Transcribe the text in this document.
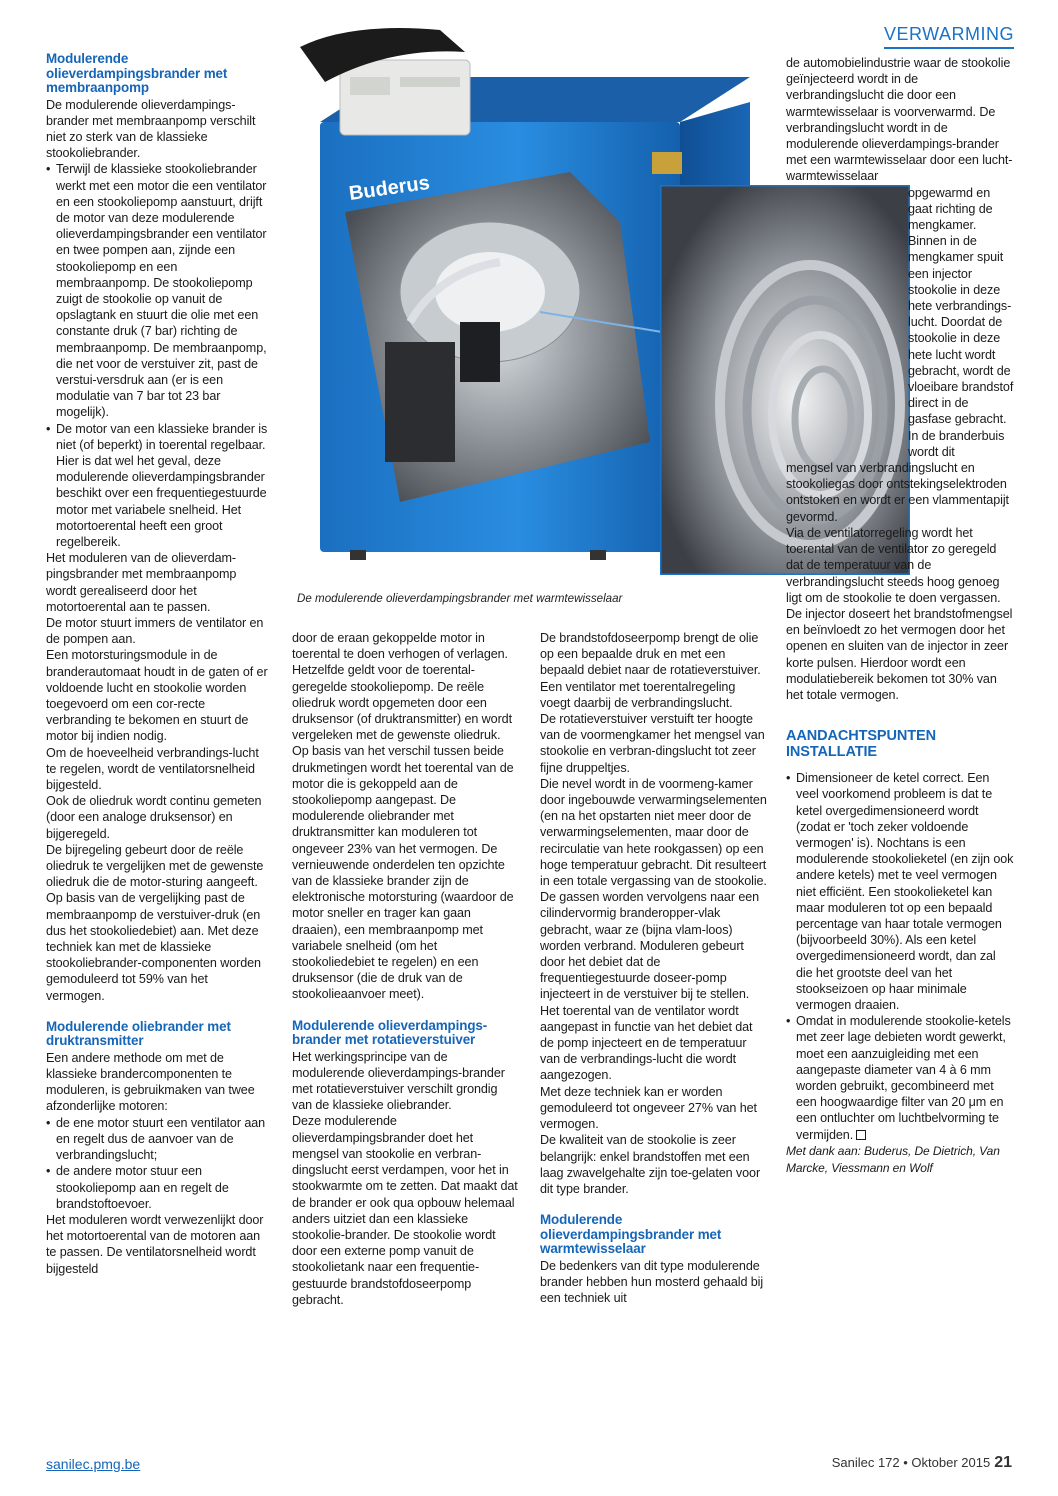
VERWARMING
Buderus
De modulerende olieverdampingsbrander met warmtewisselaar
Modulerende olieverdampingsbrander met membraanpomp

De modulerende olieverdampings-brander met membraanpomp verschilt niet zo sterk van de klassieke stookoliebrander.

• Terwijl de klassieke stookoliebrander werkt met een motor die een ventilator en een stookoliepomp aanstuurt, drijft de motor van deze modulerende olieverdampingsbrander een ventilator en twee pompen aan, zijnde een stookoliepomp en een membraanpomp. De stookoliepomp zuigt de stookolie op vanuit de opslagtank en stuurt die olie met een constante druk (7 bar) richting de membraanpomp. De membraanpomp, die net voor de verstuiver zit, past de verstui-versdruk aan (er is een modulatie van 7 bar tot 23 bar mogelijk).
• De motor van een klassieke brander is niet (of beperkt) in toerental regelbaar. Hier is dat wel het geval, deze modulerende olieverdampingsbrander beschikt over een frequentiegestuurde motor met variabele snelheid. Het motortoerental heeft een groot regelbereik.

Het moduleren van de olieverdam-pingsbrander met membraanpomp wordt gerealiseerd door het motortoerental aan te passen.

De motor stuurt immers de ventilator en de pompen aan.

Een motorsturingsmodule in de branderautomaat houdt in de gaten of er voldoende lucht en stookolie worden toegevoerd om een cor-recte verbranding te bekomen en stuurt de motor bij indien nodig.

Om de hoeveelheid verbrandings-lucht te regelen, wordt de ventilatorsnelheid bijgesteld.

Ook de oliedruk wordt continu gemeten (door een analoge druksensor) en bijgeregeld.

De bijregeling gebeurt door de reële oliedruk te vergelijken met de gewenste oliedruk die de motor-sturing aangeeft.

Op basis van de vergelijking past de membraanpomp de verstuiver-druk (en dus het stookoliedebiet) aan. Met deze techniek kan met de klassieke stookoliebrander-componenten worden gemoduleerd tot 59% van het vermogen.

Modulerende oliebrander met druktransmitter

Een andere methode om met de klassieke brandercomponenten te moduleren, is gebruikmaken van twee afzonderlijke motoren:

• de ene motor stuurt een ventilator aan en regelt dus de aanvoer van de verbrandingslucht;
• de andere motor stuur een stookoliepomp aan en regelt de brandstoftoevoer.

Het moduleren wordt verwezenlijkt door het motortoerental van de motoren aan te passen. De ventilatorsnelheid wordt bijgesteld

door de eraan gekoppelde motor in toerental te doen verhogen of verlagen.

Hetzelfde geldt voor de toerental-geregelde stookoliepomp. De reële oliedruk wordt opgemeten door een druksensor (of druktransmitter) en wordt vergeleken met de gewenste oliedruk. Op basis van het verschil tussen beide drukmetingen wordt het toerental van de motor die is gekoppeld aan de stookoliepomp aangepast. De modulerende oliebrander met druktransmitter kan moduleren tot ongeveer 23% van het vermogen. De vernieuwende onderdelen ten opzichte van de klassieke brander zijn de elektronische motorsturing (waardoor de motor sneller en trager kan gaan draaien), een membraanpomp met variabele snelheid (om het stookoliedebiet te regelen) en een druksensor (die de druk van de stookolieaanvoer meet).

Modulerende olieverdampings-brander met rotatieverstuiver

Het werkingsprincipe van de modulerende olieverdampings-brander met rotatieverstuiver verschilt grondig van de klassieke oliebrander.

Deze modulerende olieverdampingsbrander doet het mengsel van stookolie en verbran-dingslucht eerst verdampen, voor het in stookwarmte om te zetten. Dat maakt dat de brander er ook qua opbouw helemaal anders uitziet dan een klassieke stookolie-brander. De stookolie wordt door een externe pomp vanuit de stookolietank naar een frequentie-gestuurde brandstofdoseerpomp gebracht.

De brandstofdoseerpomp brengt de olie op een bepaalde druk en met een bepaald debiet naar de rotatieverstuiver. Een ventilator met toerentalregeling voegt daarbij de verbrandingslucht.

De rotatieverstuiver verstuift ter hoogte van de voormengkamer het mengsel van stookolie en verbran-dingslucht tot zeer fijne druppeltjes.

Die nevel wordt in de voormeng-kamer door ingebouwde verwarmingselementen (en na het opstarten niet meer door de verwarmingselementen, maar door de recirculatie van hete rookgassen) op een hoge temperatuur gebracht. Dit resulteert in een totale vergassing van de stookolie.

De gassen worden vervolgens naar een cilindervormig branderopper-vlak gebracht, waar ze (bijna vlam-loos) worden verbrand. Moduleren gebeurt door het debiet dat de frequentiegestuurde doseer-pomp injecteert in de verstuiver bij te stellen.

Het toerental van de ventilator wordt aangepast in functie van het debiet dat de pomp injecteert en de temperatuur van de verbrandings-lucht die wordt aangezogen.

Met deze techniek kan er worden gemoduleerd tot ongeveer 27% van het vermogen.

De kwaliteit van de stookolie is zeer belangrijk: enkel brandstoffen met een laag zwavelgehalte zijn toe-gelaten voor dit type brander.

Modulerende olieverdampingsbrander met warmtewisselaar

De bedenkers van dit type modulerende brander hebben hun mosterd gehaald bij een techniek uit

de automobielindustrie waar de stookolie geïnjecteerd wordt in de verbrandingslucht die door een warmtewisselaar is voorverwarmd. De verbrandingslucht wordt in de modulerende olieverdampings-brander met een warmtewisselaar door een lucht-warmtewisselaar

opgewarmd en gaat richting de mengkamer. Binnen in de mengkamer spuit een injector stookolie in deze hete verbrandings-lucht. Doordat de stookolie in deze hete lucht wordt gebracht, wordt de vloeibare brandstof direct in de gasfase gebracht. In de branderbuis wordt dit

mengsel van verbrandingslucht en stookoliegas door ontstekingselektroden ontstoken en wordt er een vlammentapijt gevormd.

Via de ventilatorregeling wordt het toerental van de ventilator zo geregeld dat de temperatuur van de verbrandingslucht steeds hoog genoeg ligt om de stookolie te doen vergassen. De injector doseert het brandstofmengsel en beïnvloedt zo het vermogen door het openen en sluiten van de injector in zeer korte pulsen. Hierdoor wordt een modulatiebereik bekomen tot 30% van het totale vermogen.

AANDACHTSPUNTEN INSTALLATIE
• Dimensioneer de ketel correct. Een veel voorkomend probleem is dat te ketel overgedimensioneerd wordt (zodat er 'toch zeker voldoende vermogen' is). Nochtans is een modulerende stookolieketel (en zijn ook andere ketels) met te veel vermogen niet efficiënt. Een stookolieketel kan maar moduleren tot op een bepaald percentage van haar totale vermogen (bijvoorbeeld 30%). Als een ketel overgedimensioneerd wordt, dan zal die het grootste deel van het stookseizoen op haar minimale vermogen draaien.
• Omdat in modulerende stookolie-ketels met zeer lage debieten wordt gewerkt, moet een aanzuigleiding met een aangepaste diameter van 4 à 6 mm worden gebruikt, gecombineerd met een hoogwaardige filter van 20 μm en een ontluchter om luchtbelvorming te vermijden.

Met dank aan: Buderus, De Dietrich, Van Marcke, Viessmann en Wolf

sanilec.pmg.be	Sanilec 172 • Oktober 2015 21
